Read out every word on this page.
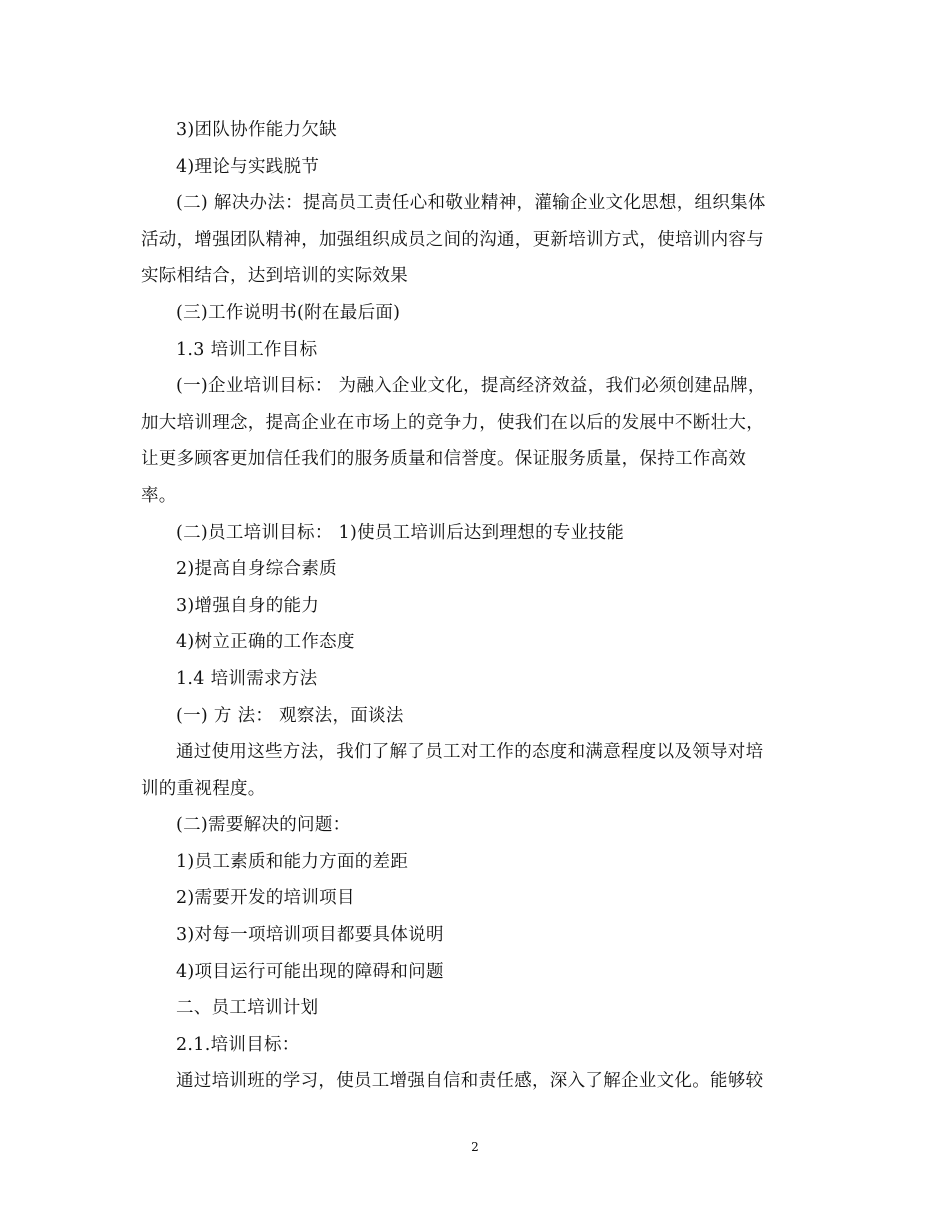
3)团队协作能力欠缺

4)理论与实践脱节

(二) 解决办法：提高员工责任心和敬业精神，灌输企业文化思想，组织集体

活动，增强团队精神，加强组织成员之间的沟通，更新培训方式，使培训内容与

实际相结合，达到培训的实际效果

(三)工作说明书(附在最后面)

1.3 培训工作目标

(一)企业培训目标： 为融入企业文化，提高经济效益，我们必须创建品牌，

加大培训理念，提高企业在市场上的竞争力，使我们在以后的发展中不断壮大，

让更多顾客更加信任我们的服务质量和信誉度。保证服务质量，保持工作高效

率。

(二)员工培训目标： 1)使员工培训后达到理想的专业技能

2)提高自身综合素质

3)增强自身的能力

4)树立正确的工作态度

1.4 培训需求方法

(一) 方 法： 观察法，面谈法

通过使用这些方法，我们了解了员工对工作的态度和满意程度以及领导对培

训的重视程度。

(二)需要解决的问题：

1)员工素质和能力方面的差距

2)需要开发的培训项目

3)对每一项培训项目都要具体说明

4)项目运行可能出现的障碍和问题

二、员工培训计划

2.1.培训目标：

通过培训班的学习，使员工增强自信和责任感，深入了解企业文化。能够较

2
